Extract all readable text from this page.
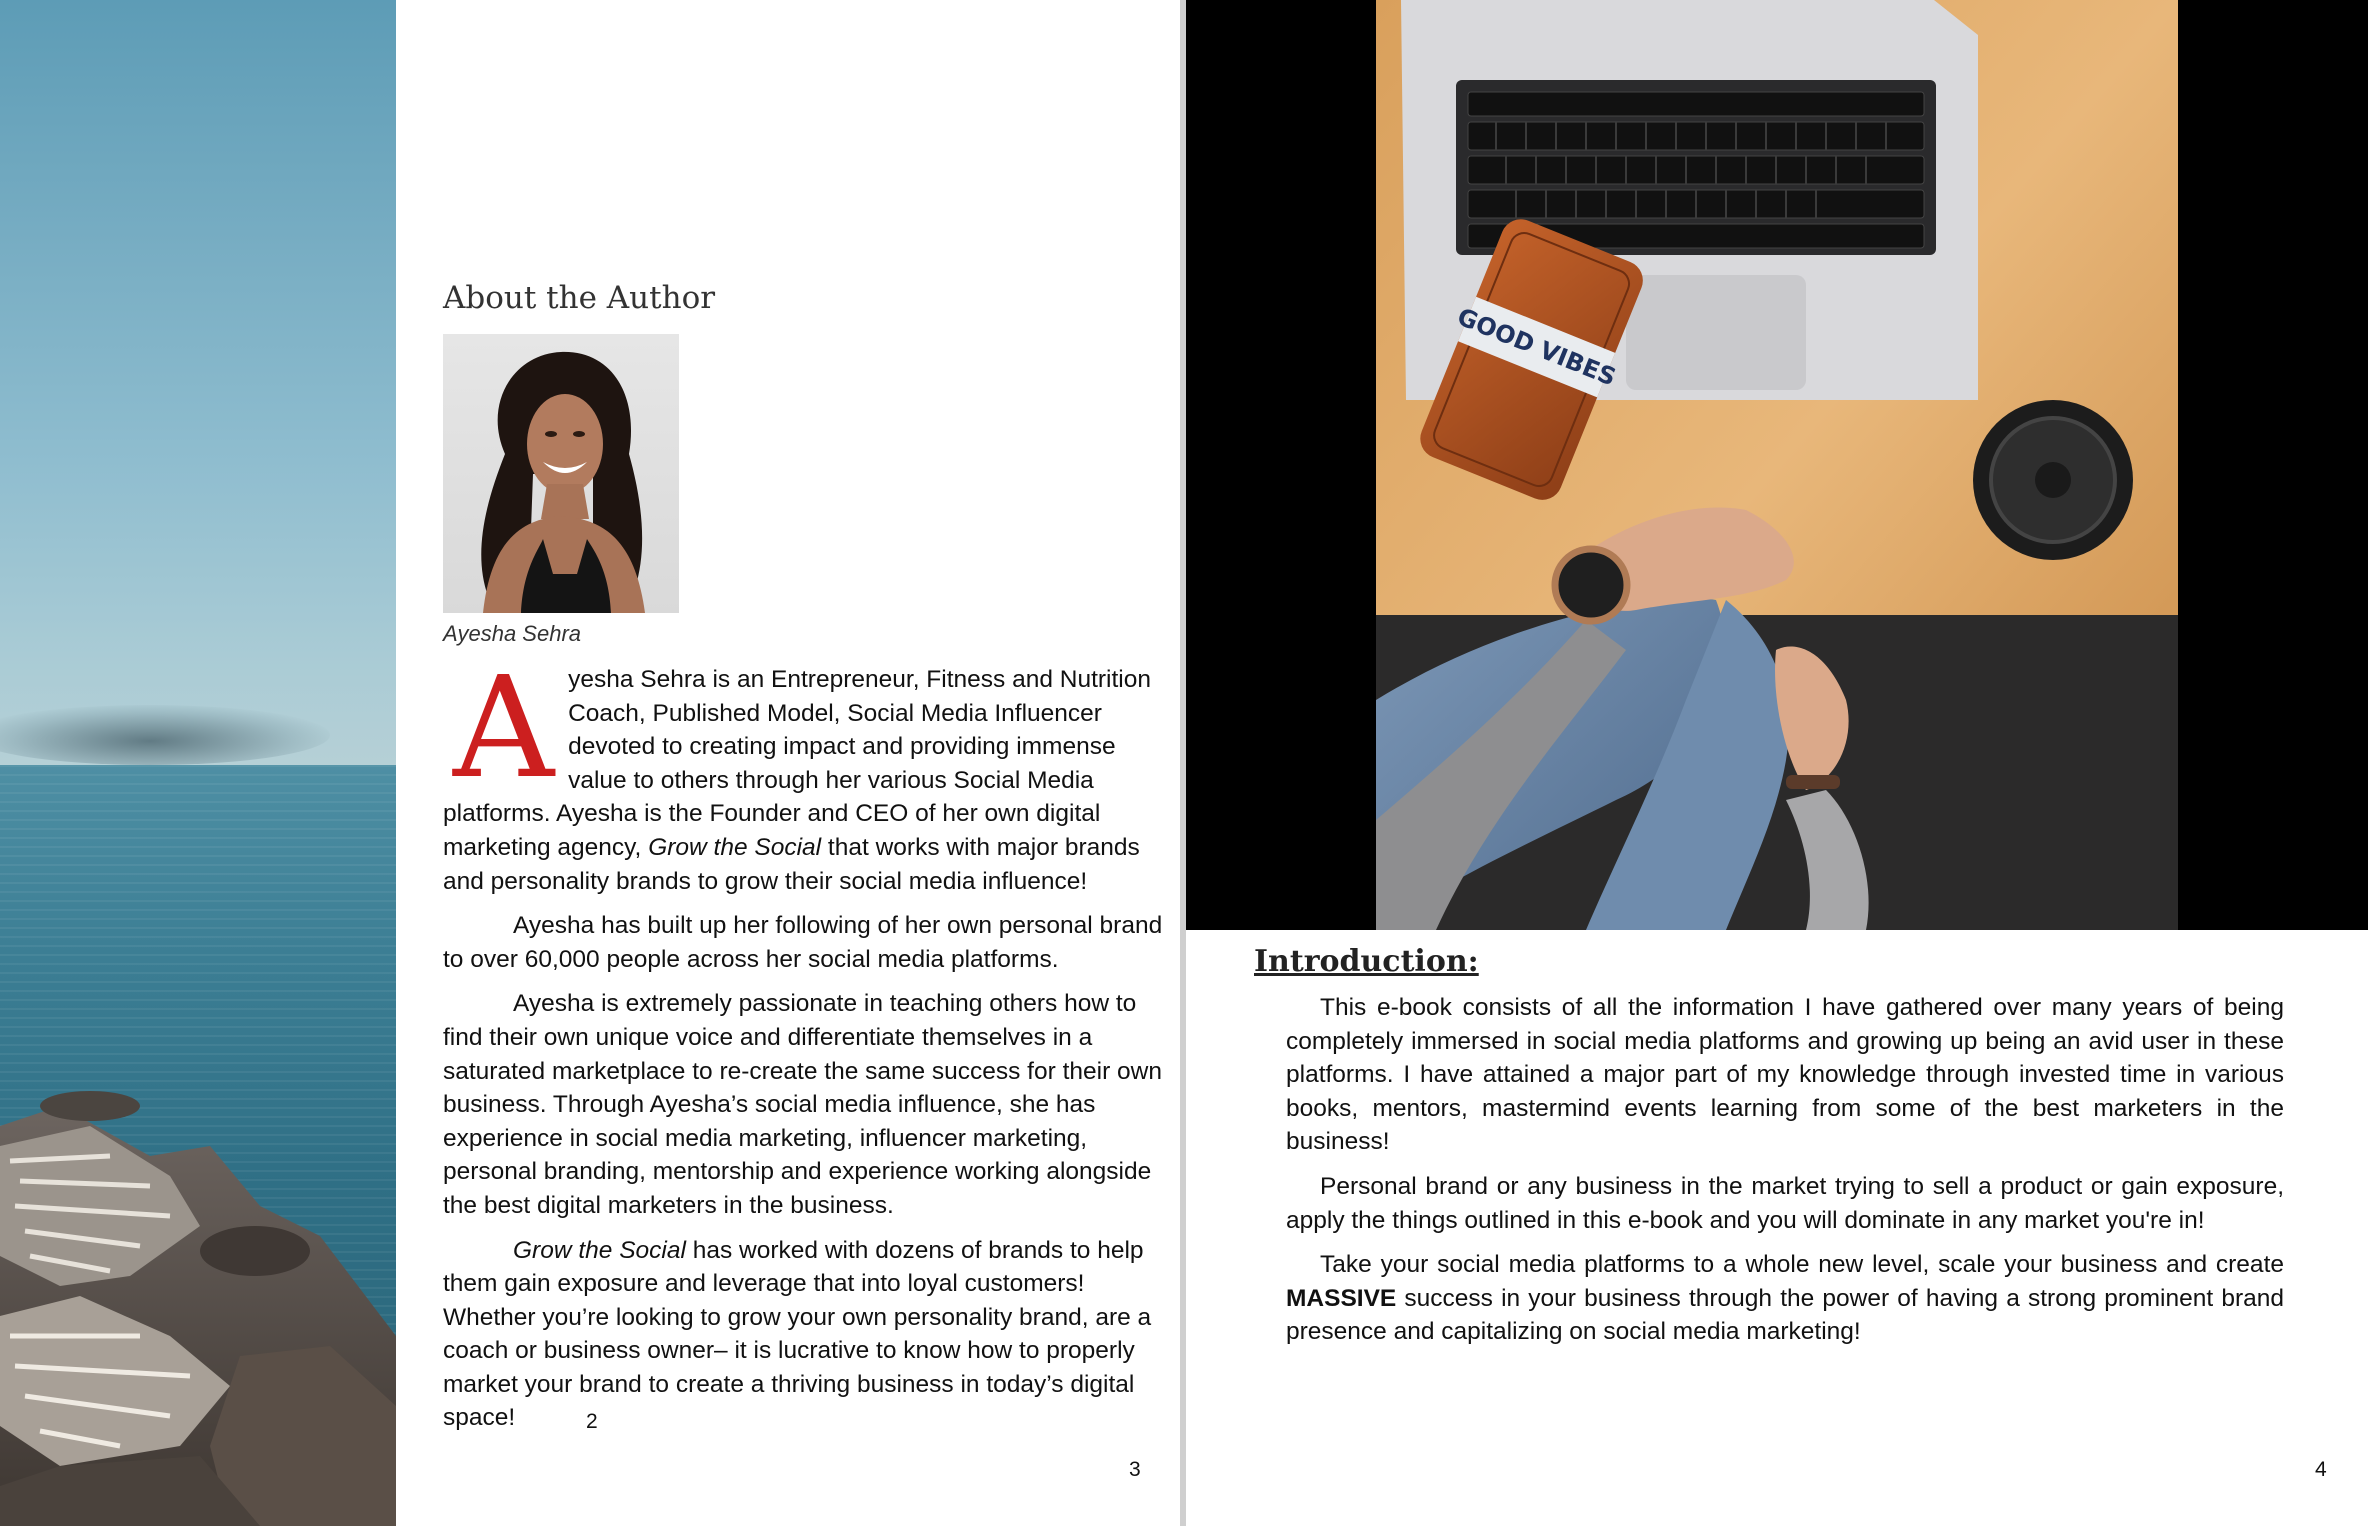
About the Author
Ayesha Sehra

Ayesha Sehra is an Entrepreneur, Fitness and Nutrition Coach, Published Model, Social Media Influencer devoted to creating impact and providing immense value to others through her various Social Media platforms. Ayesha is the Founder and CEO of her own digital marketing agency, Grow the Social that works with major brands and personality brands to grow their social media influence!

Ayesha has built up her following of her own personal brand to over 60,000 people across her social media platforms.

Ayesha is extremely passionate in teaching others how to find their own unique voice and differentiate themselves in a saturated marketplace to re-create the same success for their own business. Through Ayesha’s social media influence, she has experience in social media marketing, influencer marketing, personal branding, mentorship and experience working alongside the best digital marketers in the business.

Grow the Social has worked with dozens of brands to help them gain exposure and leverage that into loyal customers! Whether you’re looking to grow your own personality brand, are a coach or business owner– it is lucrative to know how to properly market your brand to create a thriving business in today’s digital space!	2
3
GOOD VIBES
Introduction:

This e-book consists of all the information I have gathered over many years of being completely immersed in social media platforms and growing up being an avid user in these platforms. I have attained a major part of my knowledge through invested time in various books, mentors, mastermind events learning from some of the best marketers in the business!

Personal brand or any business in the market trying to sell a product or gain exposure, apply the things outlined in this e-book and you will dominate in any market you're in!

Take your social media platforms to a whole new level, scale your business and create MASSIVE success in your business through the power of having a strong prominent brand presence and capitalizing on social media marketing!

4
